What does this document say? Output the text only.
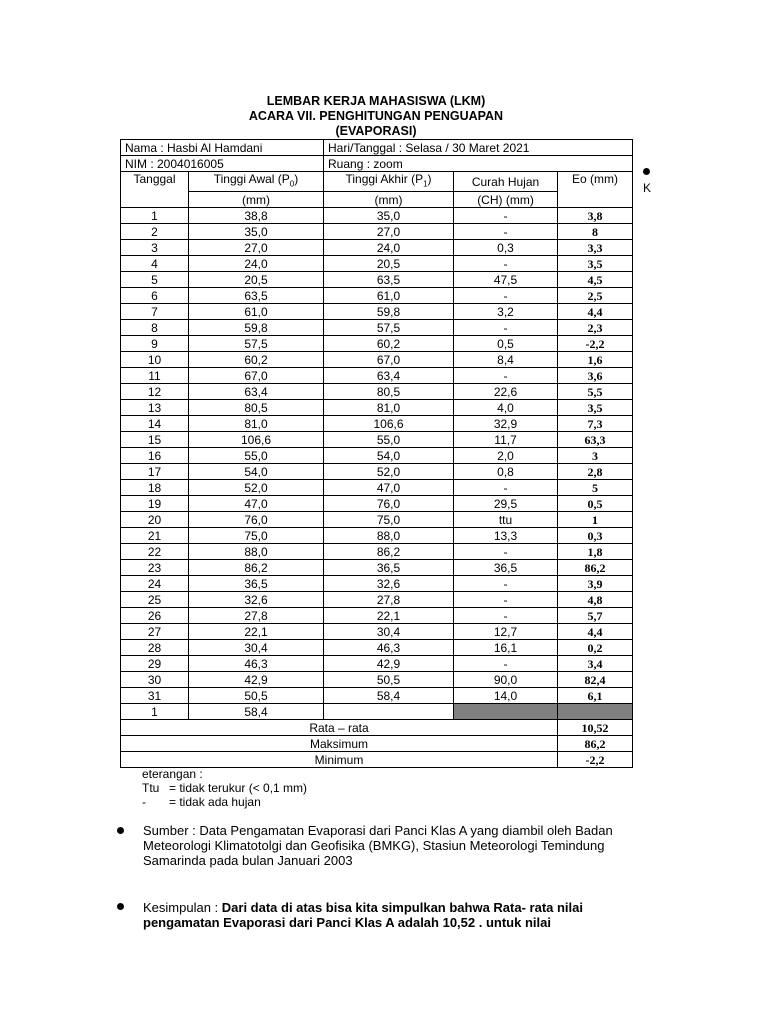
LEMBAR KERJA MAHASISWA (LKM)
ACARA VII. PENGHITUNGAN PENGUAPAN
(EVAPORASI)
Nama : Hasbi Al Hamdani		Hari/Tanggal : Selasa / 30 Maret 2021		
NIM : 2004016005		Ruang : zoom		
Tanggal	Tinggi Awal $(P_0)$	Tinggi Akhir $(P_1)$	Curah Hujan	Eo (mm)
	(mm)	(mm)	(CH) (mm)	
1	38,8	35,0	-	3,8
2	35,0	27,0	-	8
3	27,0	24,0	0,3	3,3
4	24,0	20,5	-	3,5
5	20,5	63,5	47,5	4,5
6	63,5	61,0	-	2,5
7	61,0	59,8	3,2	4,4
8	59,8	57,5	-	2,3
9	57,5	60,2	0,5	-2,2
10	60,2	67,0	8,4	1,6
11	67,0	63,4	-	3,6
12	63,4	80,5	22,6	5,5
13	80,5	81,0	4,0	3,5
14	81,0	106,6	32,9	7,3
15	106,6	55,0	11,7	63,3
16	55,0	54,0	2,0	3
17	54,0	52,0	0,8	2,8
18	52,0	47,0	-	5
19	47,0	76,0	29,5	0,5
20	76,0	75,0	ttu	1
21	75,0	88,0	13,3	0,3
22	88,0	86,2	-	1,8
23	86,2	36,5	36,5	86,2
24	36,5	32,6	-	3,9
25	32,6	27,8	-	4,8
26	27,8	22,1	-	5,7
27	22,1	30,4	12,7	4,4
28	30,4	46,3	16,1	0,2
29	46,3	42,9	-	3,4
30	42,9	50,5	90,0	82,4
31	50,5	58,4	14,0	6,1
1	58,4			
Rata – rata				10,52
Maksimum				86,2
Minimum				-2,2
K
eterangan :
Ttu = tidak terukur (< 0,1 mm)
- = tidak ada hujan
Sumber : Data Pengamatan Evaporasi dari Panci Klas A yang diambil oleh Badan Meteorologi Klimatotolgi dan Geofisika (BMKG), Stasiun Meteorologi Temindung Samarinda pada bulan Januari 2003
Kesimpulan : Dari data di atas bisa kita simpulkan bahwa Rata- rata nilai pengamatan Evaporasi dari Panci Klas A adalah 10,52 . untuk nilai
